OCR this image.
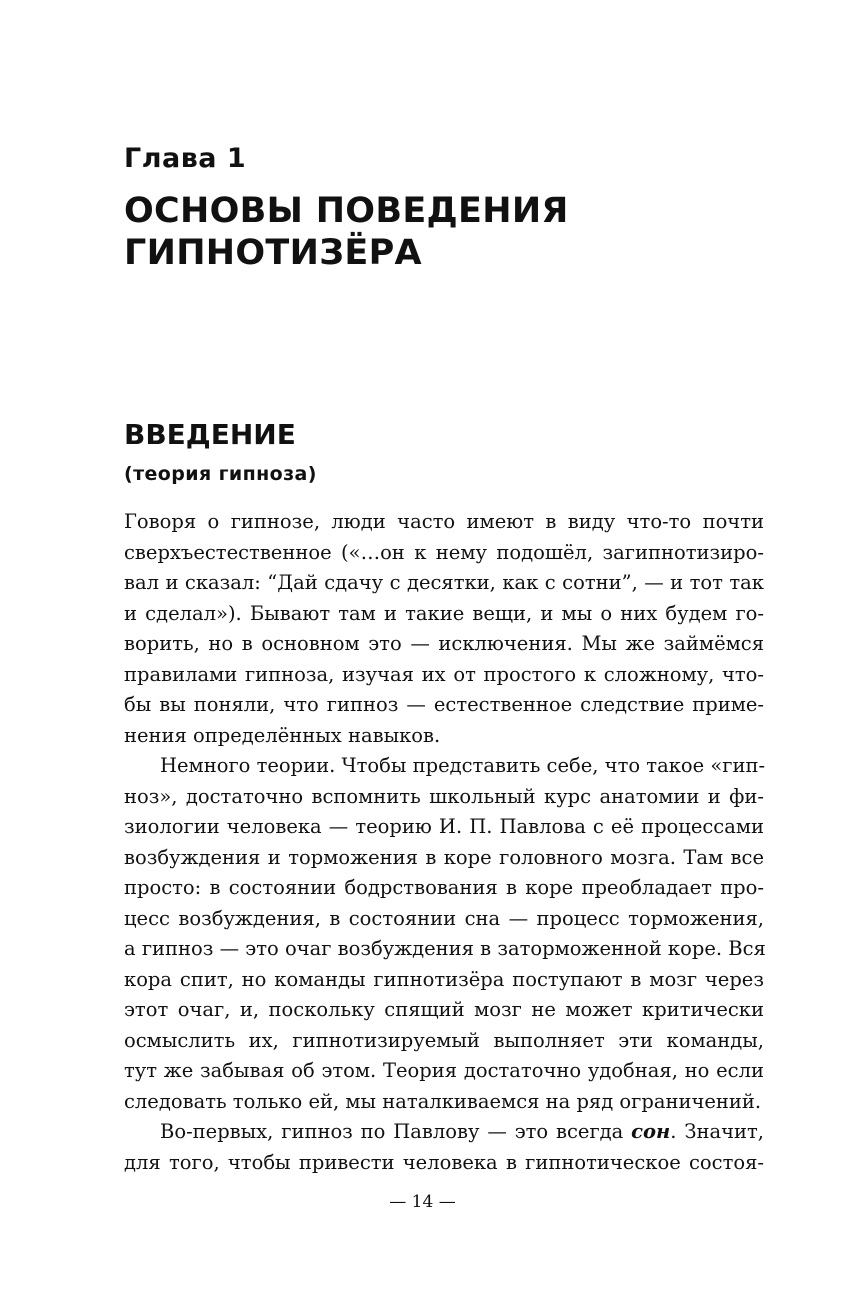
Глава 1
ОСНОВЫ ПОВЕДЕНИЯ
ГИПНОТИЗЁРА
ВВЕДЕНИЕ
(теория гипноза)
Говоря о гипнозе, люди часто имеют в виду что-то почти
сверхъестественное («…он к нему подошёл, загипнотизиро-
вал и сказал: “Дай сдачу с десятки, как с сотни”, — и тот так
и сделал»). Бывают там и такие вещи, и мы о них будем го-
ворить, но в основном это — исключения. Мы же займёмся
правилами гипноза, изучая их от простого к сложному, что-
бы вы поняли, что гипноз — естественное следствие приме-
нения определённых навыков.
Немного теории. Чтобы представить себе, что такое «гип-
ноз», достаточно вспомнить школьный курс анатомии и фи-
зиологии человека — теорию И. П. Павлова с её процессами
возбуждения и торможения в коре головного мозга. Там все
просто: в состоянии бодрствования в коре преобладает про-
цесс возбуждения, в состоянии сна — процесс торможения,
а гипноз — это очаг возбуждения в заторможенной коре. Вся
кора спит, но команды гипнотизёра поступают в мозг через
этот очаг, и, поскольку спящий мозг не может критически
осмыслить их, гипнотизируемый выполняет эти команды,
тут же забывая об этом. Теория достаточно удобная, но если
следовать только ей, мы наталкиваемся на ряд ограничений.
Во-первых, гипноз по Павлову — это всегда сон. Значит,
для того, чтобы привести человека в гипнотическое состоя-
— 14 —
